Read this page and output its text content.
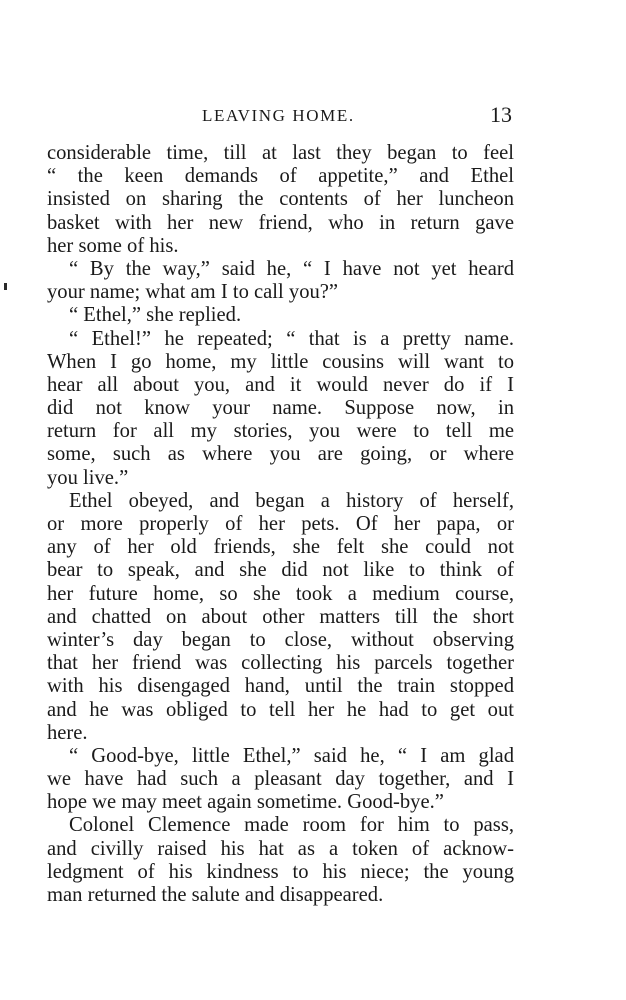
LEAVING HOME.	13
considerable time, till at last they began to feel
“ the keen demands of appetite,” and Ethel
insisted on sharing the contents of her luncheon
basket with her new friend, who in return gave
her some of his.
“ By the way,” said he, “ I have not yet heard
your name; what am I to call you?”
“ Ethel,” she replied.
“ Ethel!” he repeated; “ that is a pretty name.
When I go home, my little cousins will want to
hear all about you, and it would never do if I
did not know your name. Suppose now, in
return for all my stories, you were to tell me
some, such as where you are going, or where
you live.”
Ethel obeyed, and began a history of herself,
or more properly of her pets. Of her papa, or
any of her old friends, she felt she could not
bear to speak, and she did not like to think of
her future home, so she took a medium course,
and chatted on about other matters till the short
winter’s day began to close, without observing
that her friend was collecting his parcels together
with his disengaged hand, until the train stopped
and he was obliged to tell her he had to get out
here.
“ Good-bye, little Ethel,” said he, “ I am glad
we have had such a pleasant day together, and I
hope we may meet again sometime. Good-bye.”
Colonel Clemence made room for him to pass,
and civilly raised his hat as a token of acknow-
ledgment of his kindness to his niece; the young
man returned the salute and disappeared.
